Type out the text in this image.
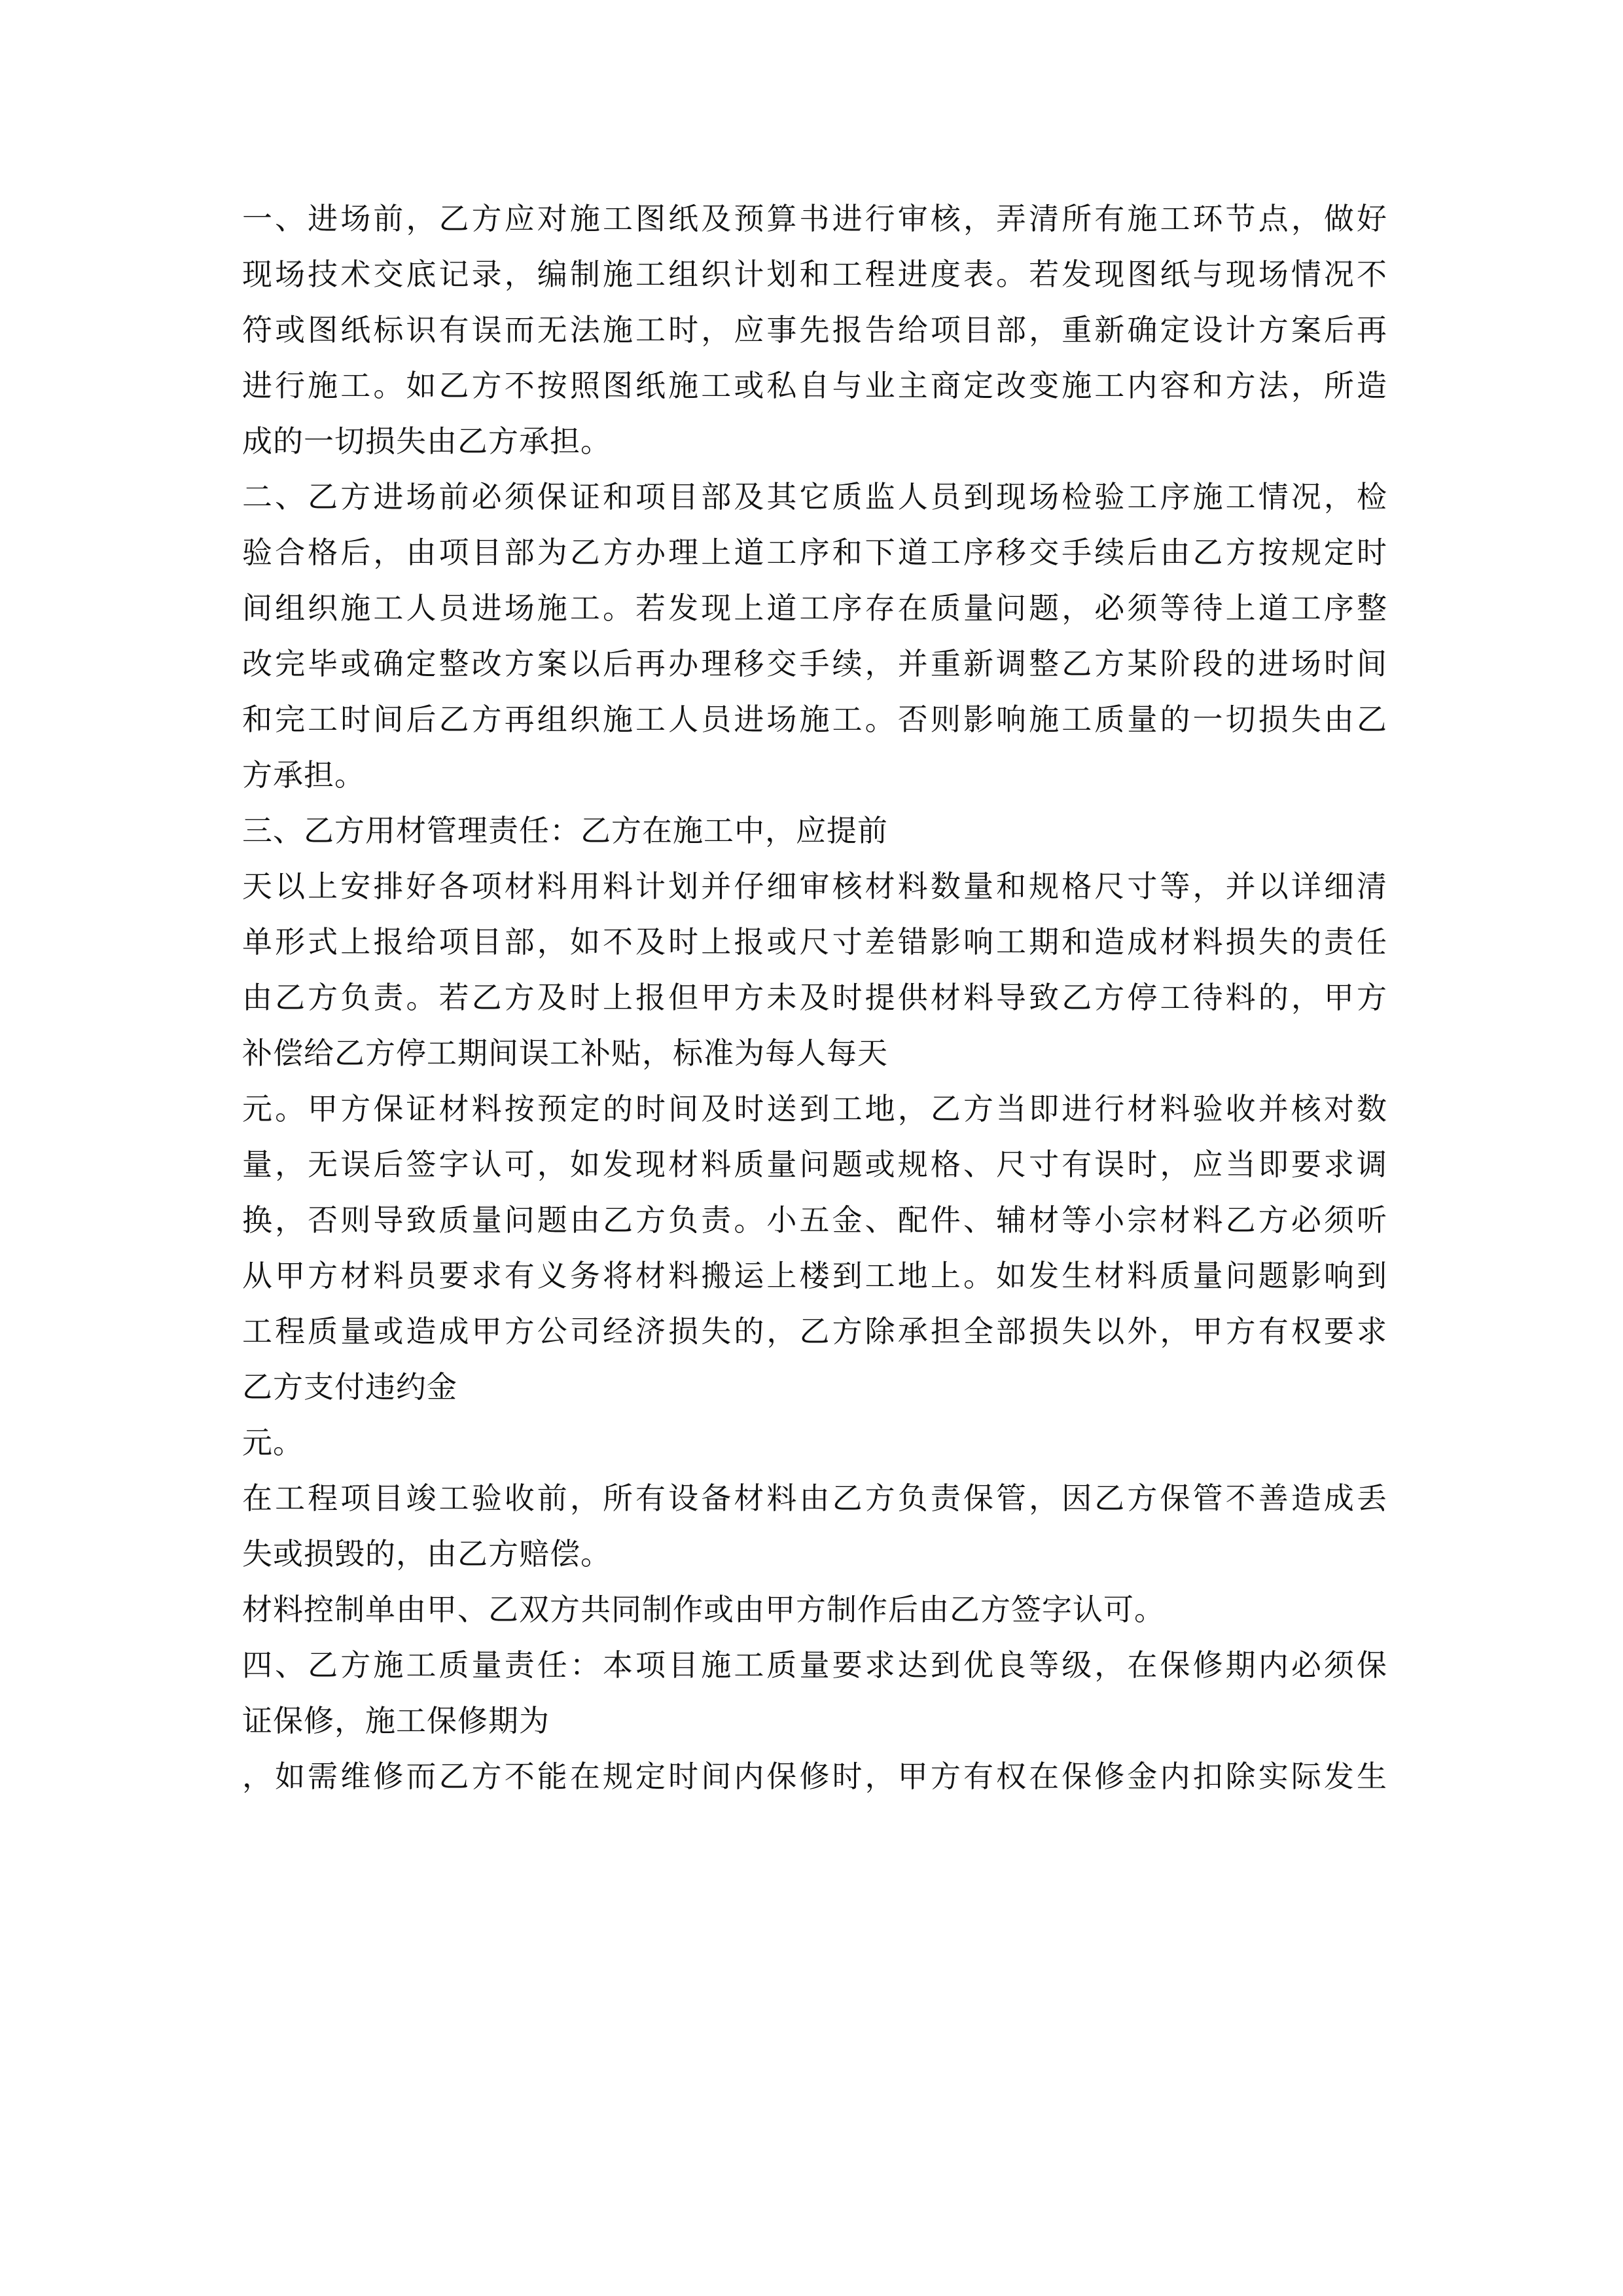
一、进场前，乙方应对施工图纸及预算书进行审核，弄清所有施工环节点，做好
现场技术交底记录，编制施工组织计划和工程进度表。若发现图纸与现场情况不
符或图纸标识有误而无法施工时，应事先报告给项目部，重新确定设计方案后再
进行施工。如乙方不按照图纸施工或私自与业主商定改变施工内容和方法，所造
成的一切损失由乙方承担。
二、乙方进场前必须保证和项目部及其它质监人员到现场检验工序施工情况，检
验合格后，由项目部为乙方办理上道工序和下道工序移交手续后由乙方按规定时
间组织施工人员进场施工。若发现上道工序存在质量问题，必须等待上道工序整
改完毕或确定整改方案以后再办理移交手续，并重新调整乙方某阶段的进场时间
和完工时间后乙方再组织施工人员进场施工。否则影响施工质量的一切损失由乙
方承担。
三、乙方用材管理责任：乙方在施工中，应提前
天以上安排好各项材料用料计划并仔细审核材料数量和规格尺寸等，并以详细清
单形式上报给项目部，如不及时上报或尺寸差错影响工期和造成材料损失的责任
由乙方负责。若乙方及时上报但甲方未及时提供材料导致乙方停工待料的，甲方
补偿给乙方停工期间误工补贴，标准为每人每天
元。甲方保证材料按预定的时间及时送到工地，乙方当即进行材料验收并核对数
量，无误后签字认可，如发现材料质量问题或规格、尺寸有误时，应当即要求调
换，否则导致质量问题由乙方负责。小五金、配件、辅材等小宗材料乙方必须听
从甲方材料员要求有义务将材料搬运上楼到工地上。如发生材料质量问题影响到
工程质量或造成甲方公司经济损失的，乙方除承担全部损失以外，甲方有权要求
乙方支付违约金
元。
在工程项目竣工验收前，所有设备材料由乙方负责保管，因乙方保管不善造成丢
失或损毁的，由乙方赔偿。
材料控制单由甲、乙双方共同制作或由甲方制作后由乙方签字认可。
四、乙方施工质量责任：本项目施工质量要求达到优良等级，在保修期内必须保
证保修，施工保修期为
，如需维修而乙方不能在规定时间内保修时，甲方有权在保修金内扣除实际发生
